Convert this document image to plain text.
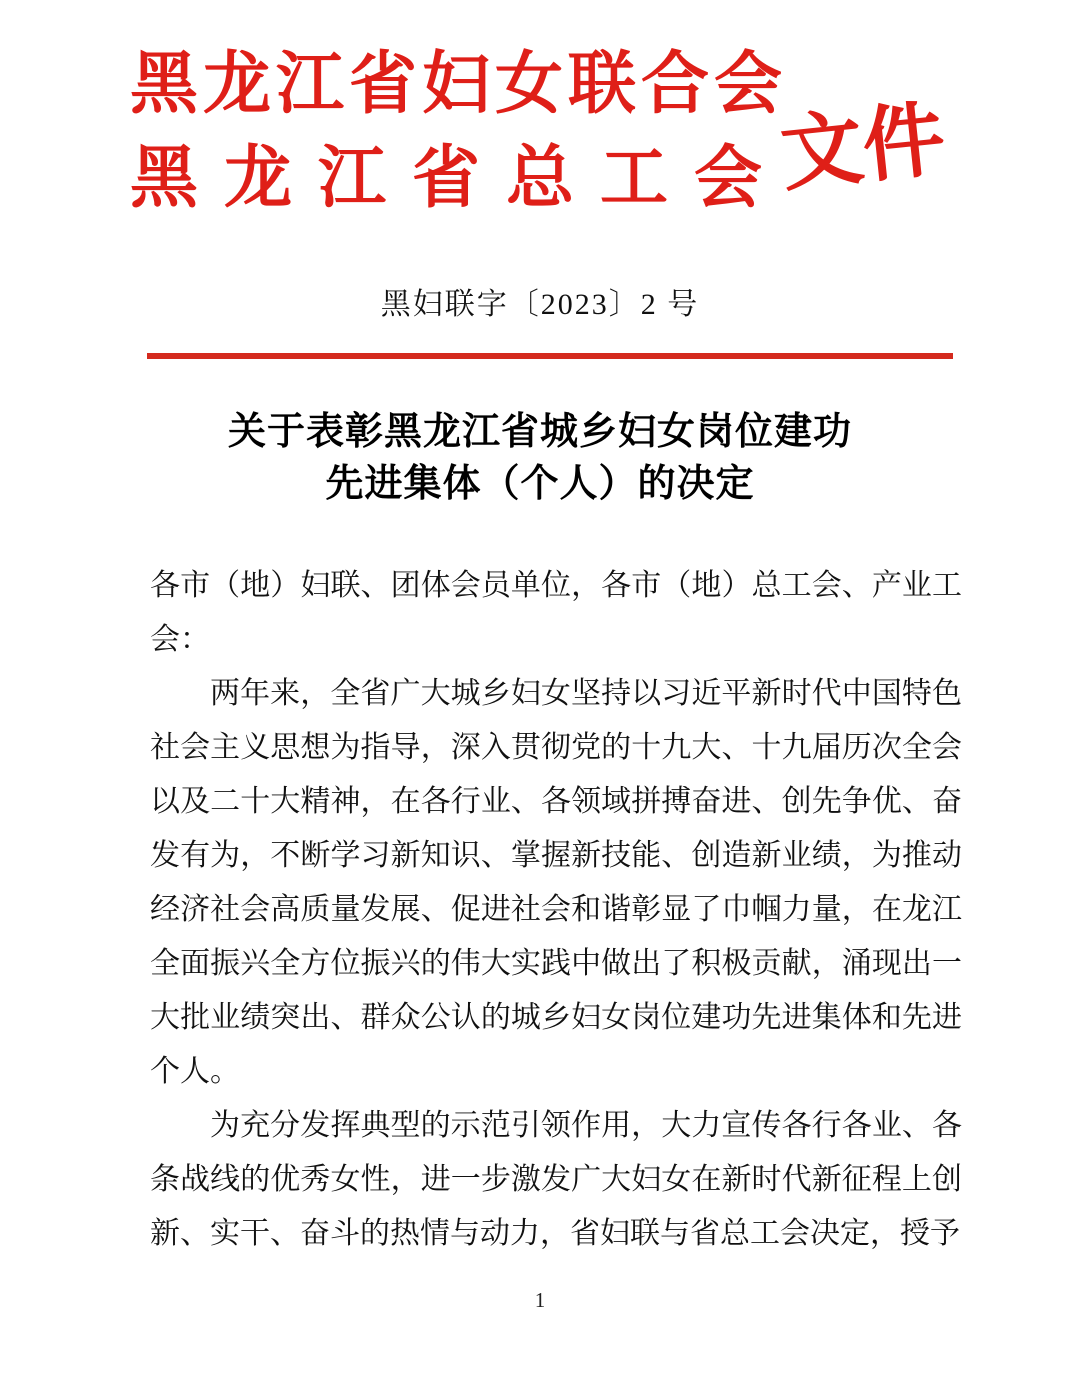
黑龙江省妇女联合会
黑龙江省总工会
文件
黑妇联字〔2023〕2 号
关于表彰黑龙江省城乡妇女岗位建功
先进集体（个人）的决定

各市（地）妇联、团体会员单位，各市（地）总工会、产业工会：

两年来，全省广大城乡妇女坚持以习近平新时代中国特色社会主义思想为指导，深入贯彻党的十九大、十九届历次全会以及二十大精神，在各行业、各领域拼搏奋进、创先争优、奋发有为，不断学习新知识、掌握新技能、创造新业绩，为推动经济社会高质量发展、促进社会和谐彰显了巾帼力量，在龙江全面振兴全方位振兴的伟大实践中做出了积极贡献，涌现出一大批业绩突出、群众公认的城乡妇女岗位建功先进集体和先进个人。

为充分发挥典型的示范引领作用，大力宣传各行各业、各条战线的优秀女性，进一步激发广大妇女在新时代新征程上创新、实干、奋斗的热情与动力，省妇联与省总工会决定，授予

1
